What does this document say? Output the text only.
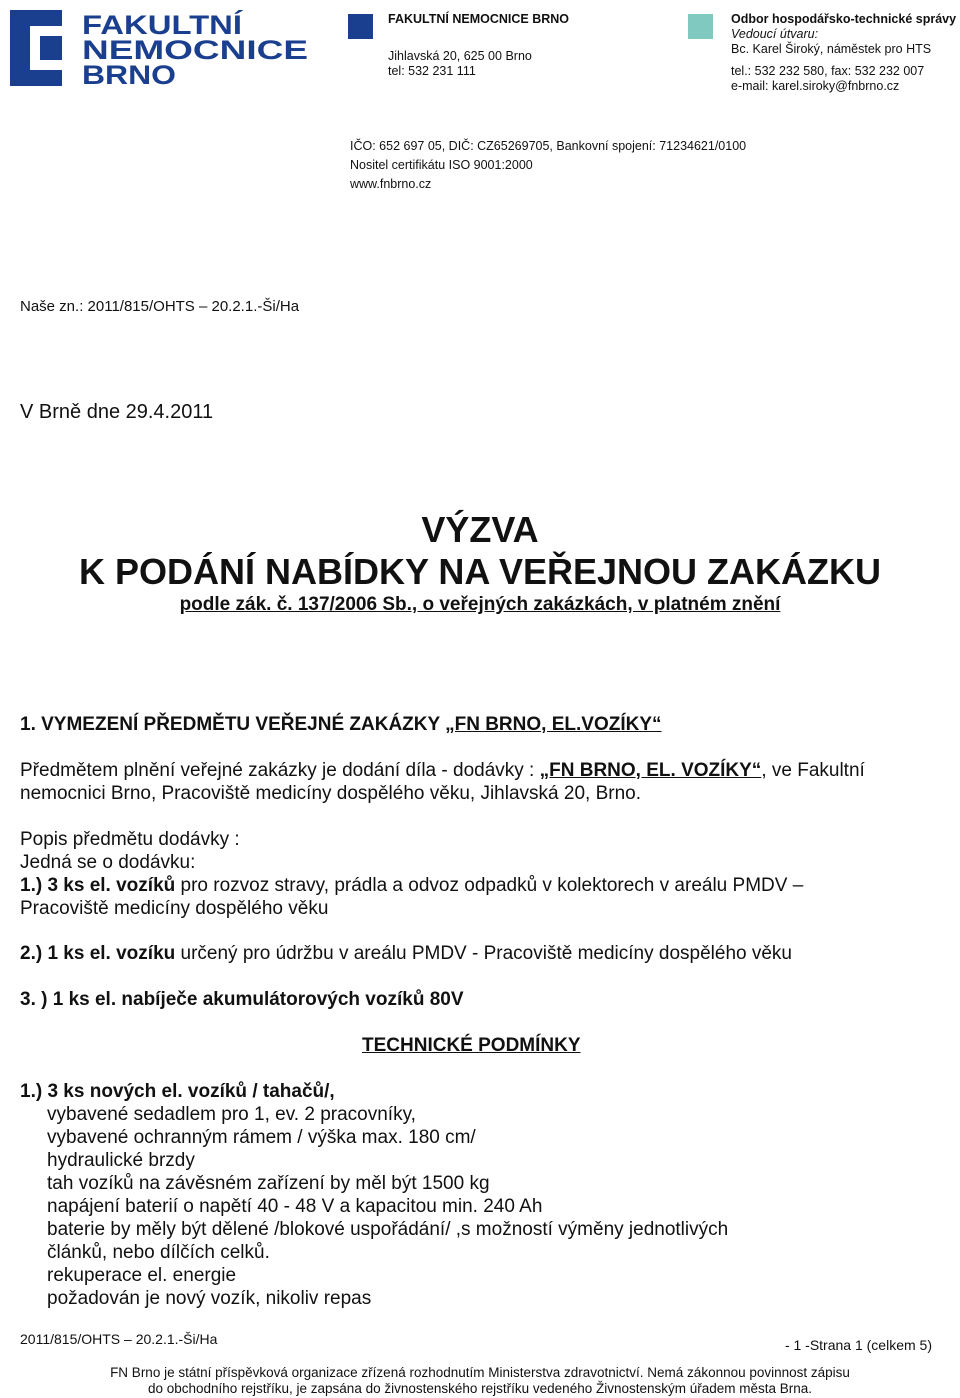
FAKULTNÍ
NEMOCNICE
BRNO
FAKULTNÍ NEMOCNICE BRNO
Jihlavská 20, 625 00 Brno
tel: 532 231 111
Odbor hospodářsko-technické správy
Vedoucí útvaru:
Bc. Karel Široký, náměstek pro HTS
tel.: 532 232 580, fax: 532 232 007
e-mail: karel.siroky@fnbrno.cz
IČO: 652 697 05, DIČ: CZ65269705, Bankovní spojení: 71234621/0100
Nositel certifikátu ISO 9001:2000
www.fnbrno.cz
Naše zn.: 2011/815/OHTS – 20.2.1.-Ši/Ha
V Brně dne 29.4.2011
VÝZVA
K PODÁNÍ NABÍDKY NA VEŘEJNOU ZAKÁZKU
podle zák. č. 137/2006 Sb., o veřejných zakázkách, v platném znění
1. VYMEZENÍ PŘEDMĚTU VEŘEJNÉ ZAKÁZKY „FN BRNO, EL.VOZÍKY“
Předmětem plnění veřejné zakázky je dodání díla - dodávky : „FN BRNO, EL. VOZÍKY“, ve Fakultní
nemocnici Brno, Pracoviště medicíny dospělého věku, Jihlavská 20, Brno.
Popis předmětu dodávky :
Jedná se o dodávku:
1.) 3 ks el. vozíků pro rozvoz stravy, prádla a odvoz odpadků v kolektorech v areálu PMDV –
Pracoviště medicíny dospělého věku
2.) 1 ks el. vozíku určený pro údržbu v areálu PMDV - Pracoviště medicíny dospělého věku
3. ) 1 ks el. nabíječe akumulátorových vozíků 80V
TECHNICKÉ PODMÍNKY
1.) 3 ks nových el. vozíků / tahačů/,
vybavené sedadlem pro 1, ev. 2 pracovníky,
vybavené ochranným rámem / výška max. 180 cm/
hydraulické brzdy
tah vozíků na závěsném zařízení by měl být 1500 kg
napájení baterií o napětí 40 - 48 V a kapacitou min. 240 Ah
baterie by měly být dělené /blokové uspořádání/ ,s možností výměny jednotlivých
článků, nebo dílčích celků.
rekuperace el. energie
požadován je nový vozík, nikoliv repas
2011/815/OHTS – 20.2.1.-Ši/Ha	- 1 -Strana 1 (celkem 5)
FN Brno je státní příspěvková organizace zřízená rozhodnutím Ministerstva zdravotnictví. Nemá zákonnou povinnost zápisu
do obchodního rejstříku, je zapsána do živnostenského rejstříku vedeného Živnostenským úřadem města Brna.
